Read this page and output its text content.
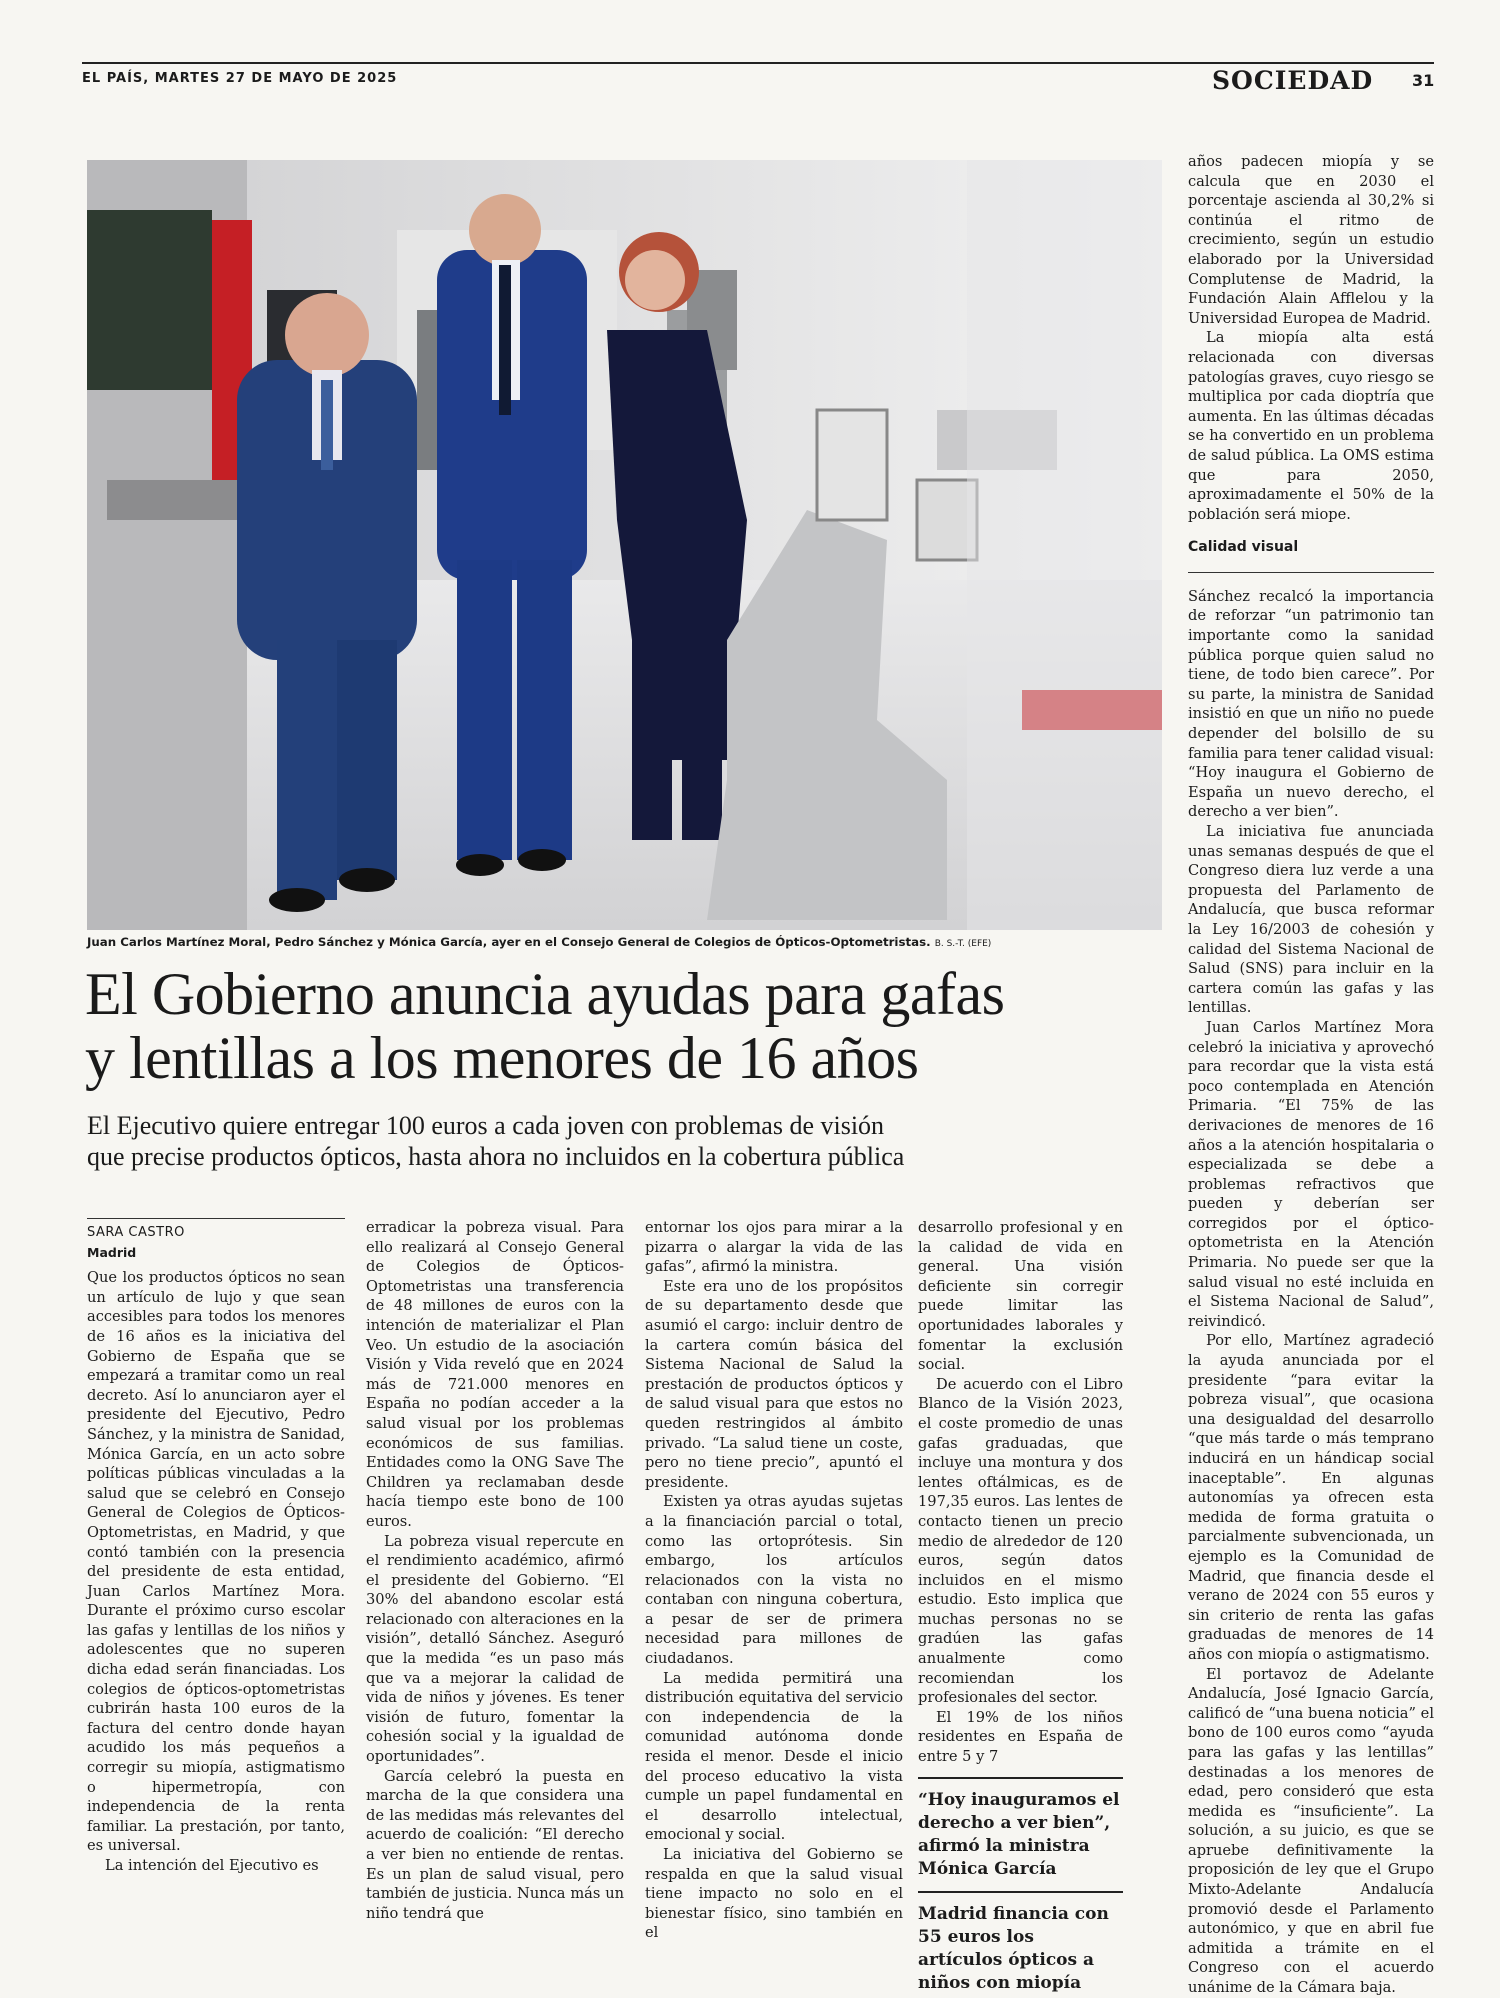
EL PAÍS, MARTES 27 DE MAYO DE 2025	SOCIEDAD 31
Juan Carlos Martínez Moral, Pedro Sánchez y Mónica García, ayer en el Consejo General de Colegios de Ópticos-Optometristas. B. S.-T. (EFE)
El Gobierno anuncia ayudas para gafas
y lentillas a los menores de 16 años
El Ejecutivo quiere entregar 100 euros a cada joven con problemas de visión
que precise productos ópticos, hasta ahora no incluidos en la cobertura pública
SARA CASTRO
Madrid

Que los productos ópticos no sean un artículo de lujo y que sean accesibles para todos los menores de 16 años es la iniciativa del Gobierno de España que se empezará a tramitar como un real decreto. Así lo anunciaron ayer el presidente del Ejecutivo, Pedro Sánchez, y la ministra de Sanidad, Mónica García, en un acto sobre políticas públicas vinculadas a la salud que se celebró en Consejo General de Colegios de Ópticos-Optometristas, en Madrid, y que contó también con la presencia del presidente de esta entidad, Juan Carlos Martínez Mora. Durante el próximo curso escolar las gafas y lentillas de los niños y adolescentes que no superen dicha edad serán financiadas. Los colegios de ópticos-optometristas cubrirán hasta 100 euros de la factura del centro donde hayan acudido los más pequeños a corregir su miopía, astigmatismo o hipermetropía, con independencia de la renta familiar. La prestación, por tanto, es universal.

La intención del Ejecutivo es

erradicar la pobreza visual. Para ello realizará al Consejo General de Colegios de Ópticos-Optometristas una transferencia de 48 millones de euros con la intención de materializar el Plan Veo. Un estudio de la asociación Visión y Vida reveló que en 2024 más de 721.000 menores en España no podían acceder a la salud visual por los problemas económicos de sus familias. Entidades como la ONG Save The Children ya reclamaban desde hacía tiempo este bono de 100 euros.

La pobreza visual repercute en el rendimiento académico, afirmó el presidente del Gobierno. “El 30% del abandono escolar está relacionado con alteraciones en la visión”, detalló Sánchez. Aseguró que la medida “es un paso más que va a mejorar la calidad de vida de niños y jóvenes. Es tener visión de futuro, fomentar la cohesión social y la igualdad de oportunidades”.

García celebró la puesta en marcha de la que considera una de las medidas más relevantes del acuerdo de coalición: “El derecho a ver bien no entiende de rentas. Es un plan de salud visual, pero también de justicia. Nunca más un niño tendrá que

entornar los ojos para mirar a la pizarra o alargar la vida de las gafas”, afirmó la ministra.

Este era uno de los propósitos de su departamento desde que asumió el cargo: incluir dentro de la cartera común básica del Sistema Nacional de Salud la prestación de productos ópticos y de salud visual para que estos no queden restringidos al ámbito privado. “La salud tiene un coste, pero no tiene precio”, apuntó el presidente.

Existen ya otras ayudas sujetas a la financiación parcial o total, como las ortoprótesis. Sin embargo, los artículos relacionados con la vista no contaban con ninguna cobertura, a pesar de ser de primera necesidad para millones de ciudadanos.

La medida permitirá una distribución equitativa del servicio con independencia de la comunidad autónoma donde resida el menor. Desde el inicio del proceso educativo la vista cumple un papel fundamental en el desarrollo intelectual, emocional y social.

La iniciativa del Gobierno se respalda en que la salud visual tiene impacto no solo en el bienestar físico, sino también en el

desarrollo profesional y en la calidad de vida en general. Una visión deficiente sin corregir puede limitar las oportunidades laborales y fomentar la exclusión social.

De acuerdo con el Libro Blanco de la Visión 2023, el coste promedio de unas gafas graduadas, que incluye una montura y dos lentes oftálmicas, es de 197,35 euros. Las lentes de contacto tienen un precio medio de alrededor de 120 euros, según datos incluidos en el mismo estudio. Esto implica que muchas personas no se gradúen las gafas anualmente como recomiendan los profesionales del sector.

El 19% de los niños residentes en España de entre 5 y 7

“Hoy inauguramos el derecho a ver bien”, afirmó la ministra Mónica García
Madrid financia con 55 euros los artículos ópticos a niños con miopía

años padecen miopía y se calcula que en 2030 el porcentaje ascienda al 30,2% si continúa el ritmo de crecimiento, según un estudio elaborado por la Universidad Complutense de Madrid, la Fundación Alain Afflelou y la Universidad Europea de Madrid.

La miopía alta está relacionada con diversas patologías graves, cuyo riesgo se multiplica por cada dioptría que aumenta. En las últimas décadas se ha convertido en un problema de salud pública. La OMS estima que para 2050, aproximadamente el 50% de la población será miope.

Calidad visual

Sánchez recalcó la importancia de reforzar “un patrimonio tan importante como la sanidad pública porque quien salud no tiene, de todo bien carece”. Por su parte, la ministra de Sanidad insistió en que un niño no puede depender del bolsillo de su familia para tener calidad visual: “Hoy inaugura el Gobierno de España un nuevo derecho, el derecho a ver bien”.

La iniciativa fue anunciada unas semanas después de que el Congreso diera luz verde a una propuesta del Parlamento de Andalucía, que busca reformar la Ley 16/2003 de cohesión y calidad del Sistema Nacional de Salud (SNS) para incluir en la cartera común las gafas y las lentillas.

Juan Carlos Martínez Mora celebró la iniciativa y aprovechó para recordar que la vista está poco contemplada en Atención Primaria. “El 75% de las derivaciones de menores de 16 años a la atención hospitalaria o especializada se debe a problemas refractivos que pueden y deberían ser corregidos por el óptico-optometrista en la Atención Primaria. No puede ser que la salud visual no esté incluida en el Sistema Nacional de Salud”, reivindicó.

Por ello, Martínez agradeció la ayuda anunciada por el presidente “para evitar la pobreza visual”, que ocasiona una desigualdad del desarrollo “que más tarde o más temprano inducirá en un hándicap social inaceptable”. En algunas autonomías ya ofrecen esta medida de forma gratuita o parcialmente subvencionada, un ejemplo es la Comunidad de Madrid, que financia desde el verano de 2024 con 55 euros y sin criterio de renta las gafas graduadas de menores de 14 años con miopía o astigmatismo.

El portavoz de Adelante Andalucía, José Ignacio García, calificó de “una buena noticia” el bono de 100 euros como “ayuda para las gafas y las lentillas” destinadas a los menores de edad, pero consideró que esta medida es “insuficiente”. La solución, a su juicio, es que se apruebe definitivamente la proposición de ley que el Grupo Mixto-Adelante Andalucía promovió desde el Parlamento autonómico, y que en abril fue admitida a trámite en el Congreso con el acuerdo unánime de la Cámara baja.
